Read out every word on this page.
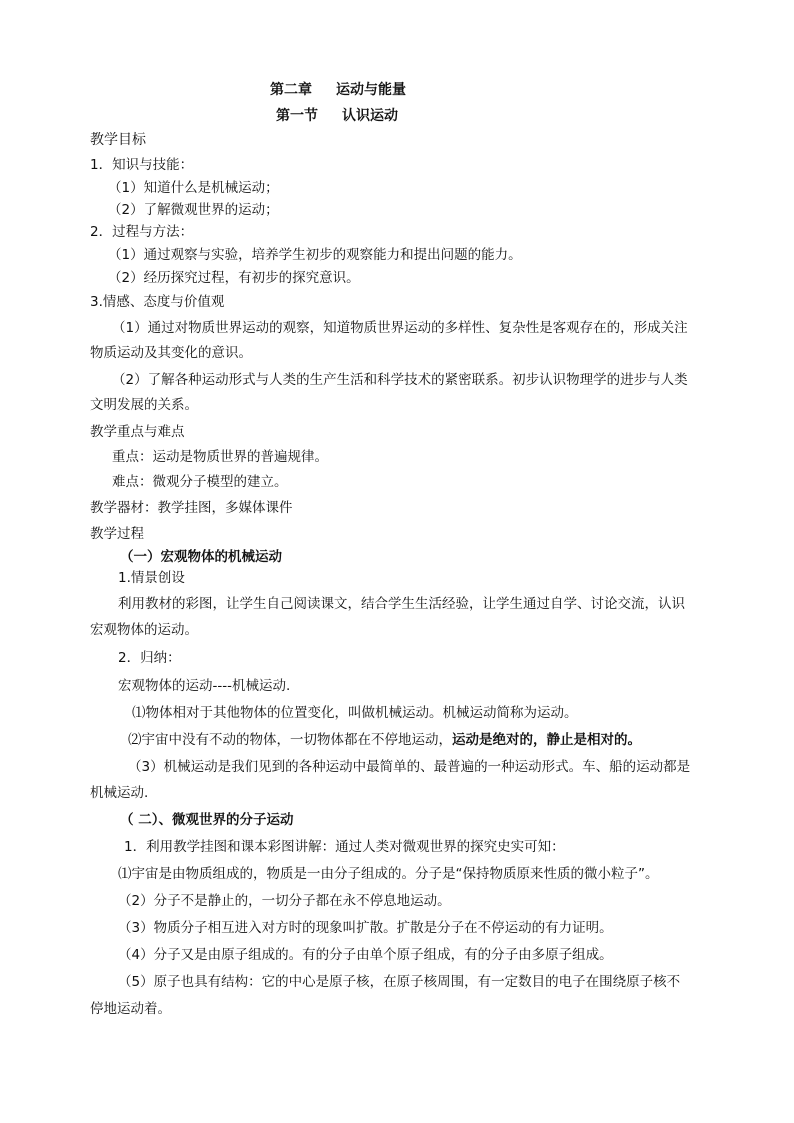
第二章 运动与能量
第一节 认识运动
教学目标
1．知识与技能：
（1）知道什么是机械运动；
（2）了解微观世界的运动；
2．过程与方法：
（1）通过观察与实验，培养学生初步的观察能力和提出问题的能力。
（2）经历探究过程，有初步的探究意识。
3.情感、态度与价值观
（1）通过对物质世界运动的观察，知道物质世界运动的多样性、复杂性是客观存在的，形成关注
物质运动及其变化的意识。
（2）了解各种运动形式与人类的生产生活和科学技术的紧密联系。初步认识物理学的进步与人类
文明发展的关系。
教学重点与难点
重点：运动是物质世界的普遍规律。
难点：微观分子模型的建立。
教学器材：教学挂图，多媒体课件
教学过程
（一）宏观物体的机械运动
1.情景创设
利用教材的彩图，让学生自己阅读课文，结合学生生活经验，让学生通过自学、讨论交流，认识
宏观物体的运动。
2．归纳：
宏观物体的运动----机械运动.
⑴物体相对于其他物体的位置变化，叫做机械运动。机械运动简称为运动。
⑵宇宙中没有不动的物体，一切物体都在不停地运动，运动是绝对的，静止是相对的。
（3）机械运动是我们见到的各种运动中最简单的、最普遍的一种运动形式。车、船的运动都是
机械运动.
（ 二）、微观世界的分子运动
1．利用教学挂图和课本彩图讲解：通过人类对微观世界的探究史实可知：
⑴宇宙是由物质组成的，物质是一由分子组成的。分子是“保持物质原来性质的微小粒子”。
（2）分子不是静止的，一切分子都在永不停息地运动。
（3）物质分子相互进入对方时的现象叫扩散。扩散是分子在不停运动的有力证明。
（4）分子又是由原子组成的。有的分子由单个原子组成，有的分子由多原子组成。
（5）原子也具有结构：它的中心是原子核，在原子核周围，有一定数目的电子在围绕原子核不
停地运动着。
